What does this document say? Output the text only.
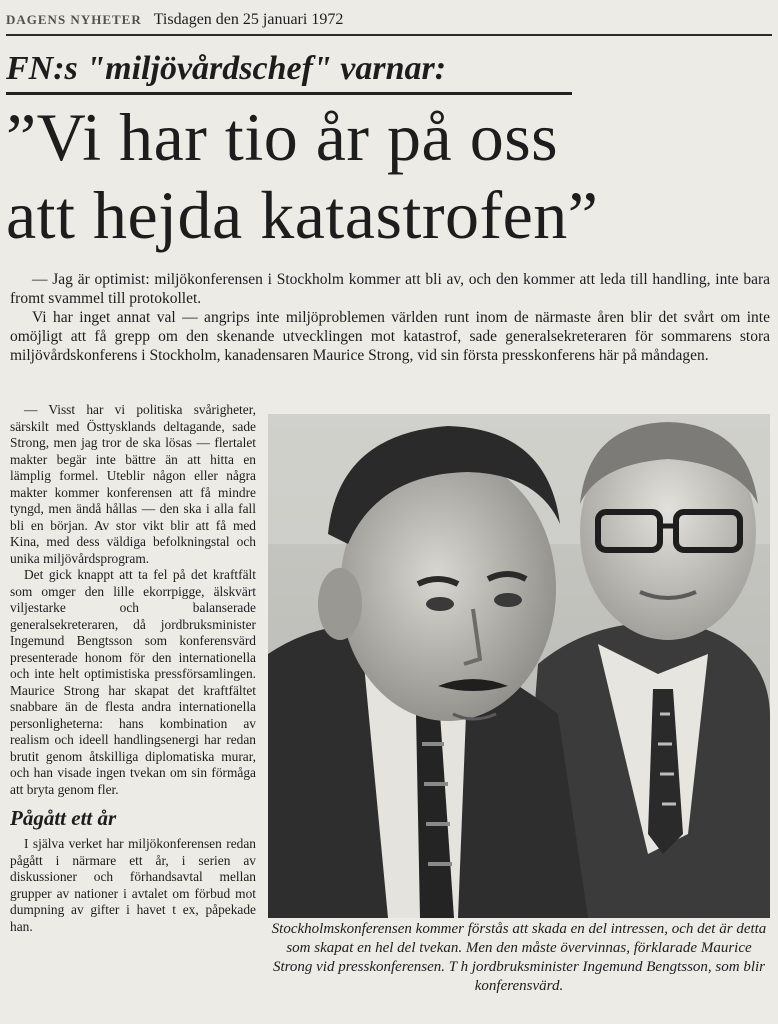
DAGENS NYHETER Tisdagen den 25 januari 1972
FN:s "miljövårdschef" varnar:
”Vi har tio år på oss
att hejda katastrofen”

— Jag är optimist: miljökonferensen i Stockholm kommer att bli av, och den kommer att leda till handling, inte bara fromt svammel till protokollet.

Vi har inget annat val — angrips inte miljöproblemen världen runt inom de närmaste åren blir det svårt om inte omöjligt att få grepp om den skenande utvecklingen mot katastrof, sade generalsekreteraren för sommarens stora miljövårdskonferens i Stockholm, kanadensaren Maurice Strong, vid sin första presskonferens här på måndagen.

— Visst har vi politiska svårigheter, särskilt med Östtysklands deltagande, sade Strong, men jag tror de ska lösas — flertalet makter begär inte bättre än att hitta en lämplig formel. Uteblir någon eller några makter kommer konferensen att få mindre tyngd, men ändå hållas — den ska i alla fall bli en början. Av stor vikt blir att få med Kina, med dess väldiga befolkningstal och unika miljövårdsprogram.

Det gick knappt att ta fel på det kraftfält som omger den lille ekorrpigge, älskvärt viljestarke och balanserade generalsekreteraren, då jordbruksminister Ingemund Bengtsson som konferensvärd presenterade honom för den internationella och inte helt optimistiska pressförsamlingen. Maurice Strong har skapat det kraftfältet snabbare än de flesta andra internationella personligheterna: hans kombination av realism och ideell handlingsenergi har redan brutit genom åtskilliga diplomatiska murar, och han visade ingen tvekan om sin förmåga att bryta genom fler.

Pågått ett år

I själva verket har miljökonferensen redan pågått i närmare ett år, i serien av diskussioner och förhandsavtal mellan grupper av nationer i avtalet om förbud mot dumpning av gifter i havet t ex, påpekade han.	Stockholmskonferensen kommer förstås att skada en del intressen, och det är detta som skapat en hel del tvekan. Men den måste övervinnas, förklarade Maurice Strong vid presskonferensen. T h jordbruksminister Ingemund Bengtsson, som blir konferensvärd.
